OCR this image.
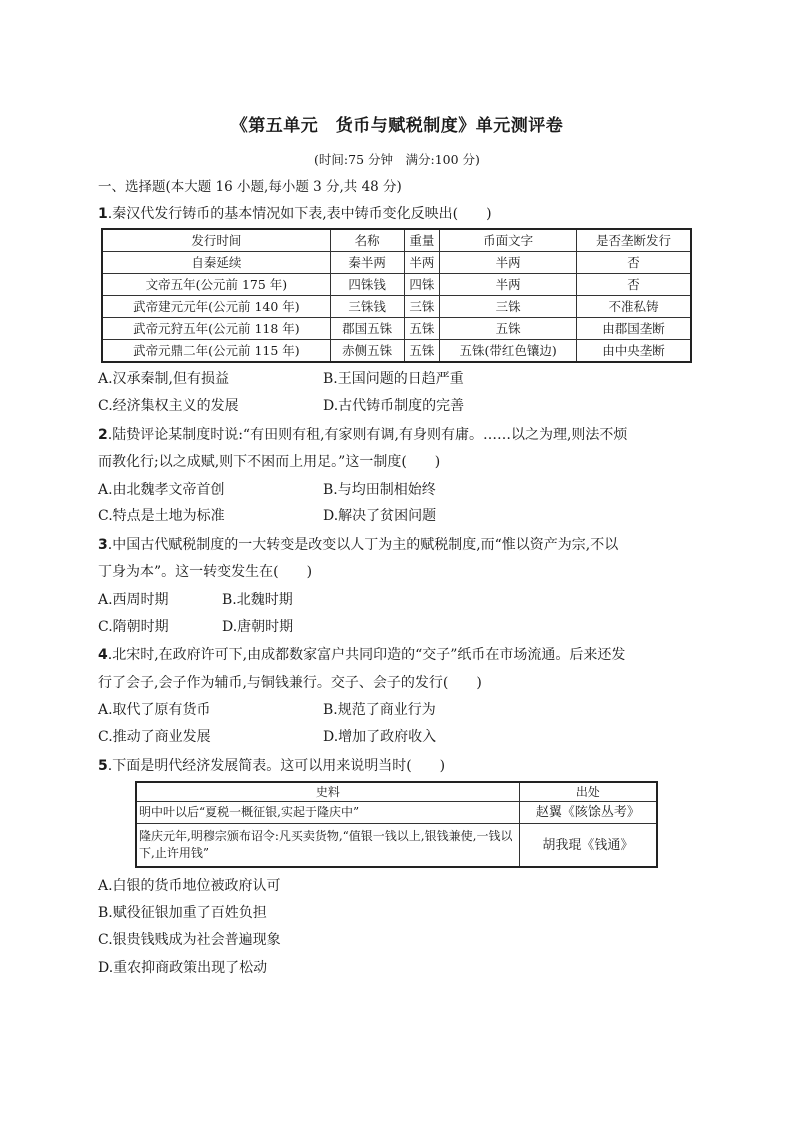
《第五单元　货币与赋税制度》单元测评卷
(时间:75 分钟　满分:100 分)
一、选择题(本大题 16 小题,每小题 3 分,共 48 分)
1.秦汉代发行铸币的基本情况如下表,表中铸币变化反映出(　　)
发行时间	名称	重量	币面文字	是否垄断发行
自秦延续	秦半两	半两	半两	否
文帝五年(公元前 175 年)	四铢钱	四铢	半两	否
武帝建元元年(公元前 140 年)	三铢钱	三铢	三铢	不准私铸
武帝元狩五年(公元前 118 年)	郡国五铢	五铢	五铢	由郡国垄断
武帝元鼎二年(公元前 115 年)	赤侧五铢	五铢	五铢(带红色镶边)	由中央垄断
A.汉承秦制,但有损益	B.王国问题的日趋严重
C.经济集权主义的发展	D.古代铸币制度的完善
2.陆贽评论某制度时说:“有田则有租,有家则有调,有身则有庸。……以之为理,则法不烦
而教化行;以之成赋,则下不困而上用足。”这一制度(　　)
A.由北魏孝文帝首创	B.与均田制相始终
C.特点是土地为标准	D.解决了贫困问题
3.中国古代赋税制度的一大转变是改变以人丁为主的赋税制度,而“惟以资产为宗,不以
丁身为本”。这一转变发生在(　　)
A.西周时期	B.北魏时期
C.隋朝时期	D.唐朝时期
4.北宋时,在政府许可下,由成都数家富户共同印造的“交子”纸币在市场流通。后来还发
行了会子,会子作为辅币,与铜钱兼行。交子、会子的发行(　　)
A.取代了原有货币	B.规范了商业行为
C.推动了商业发展	D.增加了政府收入
5.下面是明代经济发展简表。这可以用来说明当时(　　)
史料	出处
明中叶以后“夏税一概征银,实起于隆庆中”	赵翼《陔馀丛考》
隆庆元年,明穆宗颁布诏令:凡买卖货物,“值银一钱以上,银钱兼使,一钱以下,止许用钱”	胡我琨《钱通》
A.白银的货币地位被政府认可
B.赋役征银加重了百姓负担
C.银贵钱贱成为社会普遍现象
D.重农抑商政策出现了松动
